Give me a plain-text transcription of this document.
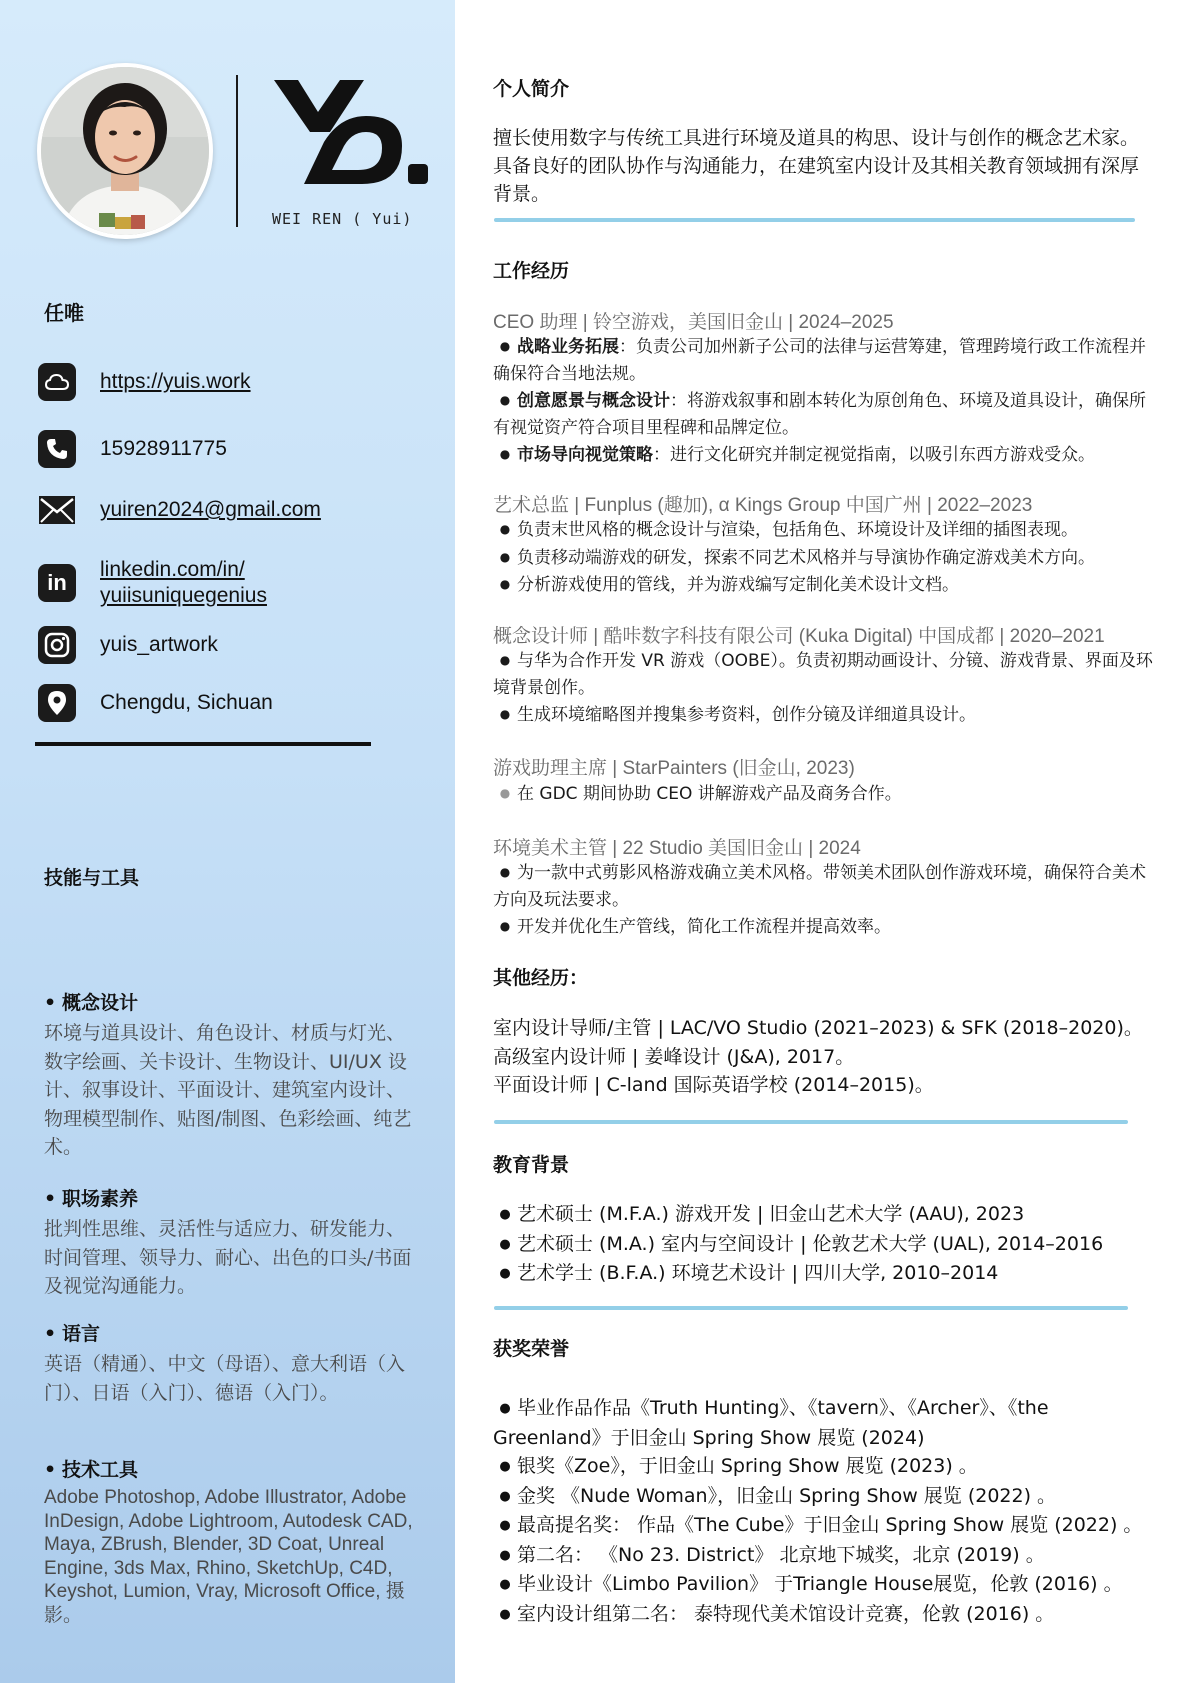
WEI REN ( Yui)
任唯
https://yuis.work
15928911775
yuiren2024@gmail.com
in
linkedin.com/in/
yuiisuniquegenius
yuis_artwork
Chengdu, Sichuan
技能与工具
• 概念设计
环境与道具设计、角色设计、材质与灯光、数字绘画、关卡设计、生物设计、UI/UX 设计、叙事设计、平面设计、建筑室内设计、物理模型制作、贴图/制图、色彩绘画、纯艺术。
• 职场素养
批判性思维、灵活性与适应力、研发能力、时间管理、领导力、耐心、出色的口头/书面及视觉沟通能力。
• 语言
英语（精通）、中文（母语）、意大利语（入门）、日语（入门）、德语（入门）。
• 技术工具
Adobe Photoshop, Adobe Illustrator, Adobe InDesign, Adobe Lightroom, Autodesk CAD, Maya, ZBrush, Blender, 3D Coat, Unreal Engine, 3ds Max, Rhino, SketchUp, C4D, Keyshot, Lumion, Vray, Microsoft Office, 摄影。
个人简介
擅长使用数字与传统工具进行环境及道具的构思、设计与创作的概念艺术家。具备良好的团队协作与沟通能力，在建筑室内设计及其相关教育领域拥有深厚背景。
工作经历
CEO 助理 | 铃空游戏，美国旧金山 | 2024–2025
● 战略业务拓展：负责公司加州新子公司的法律与运营筹建，管理跨境行政工作流程并确保符合当地法规。
● 创意愿景与概念设计：将游戏叙事和剧本转化为原创角色、环境及道具设计，确保所有视觉资产符合项目里程碑和品牌定位。
● 市场导向视觉策略：进行文化研究并制定视觉指南，以吸引东西方游戏受众。
艺术总监 | Funplus (趣加), α Kings Group 中国广州 | 2022–2023
● 负责末世风格的概念设计与渲染，包括角色、环境设计及详细的插图表现。
● 负责移动端游戏的研发，探索不同艺术风格并与导演协作确定游戏美术方向。
● 分析游戏使用的管线，并为游戏编写定制化美术设计文档。
概念设计师 | 酷咔数字科技有限公司 (Kuka Digital) 中国成都 | 2020–2021
● 与华为合作开发 VR 游戏（OOBE）。负责初期动画设计、分镜、游戏背景、界面及环境背景创作。
● 生成环境缩略图并搜集参考资料，创作分镜及详细道具设计。
游戏助理主席 | StarPainters (旧金山, 2023)
● 在 GDC 期间协助 CEO 讲解游戏产品及商务合作。
环境美术主管 | 22 Studio 美国旧金山 | 2024
● 为一款中式剪影风格游戏确立美术风格。带领美术团队创作游戏环境，确保符合美术方向及玩法要求。
● 开发并优化生产管线，简化工作流程并提高效率。
其他经历：
室内设计导师/主管 | LAC/VO Studio (2021–2023) & SFK (2018–2020)。
高级室内设计师 | 姜峰设计 (J&A), 2017。
平面设计师 | C-land 国际英语学校 (2014–2015)。
教育背景
● 艺术硕士 (M.F.A.) 游戏开发 | 旧金山艺术大学 (AAU), 2023
● 艺术硕士 (M.A.) 室内与空间设计 | 伦敦艺术大学 (UAL), 2014–2016
● 艺术学士 (B.F.A.) 环境艺术设计 | 四川大学, 2010–2014
获奖荣誉
● 毕业作品作品《Truth Hunting》、《tavern》、《Archer》、《the Greenland》于旧金山 Spring Show 展览 (2024)
● 银奖《Zoe》，于旧金山 Spring Show 展览 (2023) 。
● 金奖 《Nude Woman》，旧金山 Spring Show 展览 (2022) 。
● 最高提名奖： 作品《The Cube》于旧金山 Spring Show 展览 (2022) 。
● 第二名： 《No 23. District》 北京地下城奖，北京 (2019) 。
● 毕业设计《Limbo Pavilion》 于Triangle House展览，伦敦 (2016) 。
● 室内设计组第二名： 泰特现代美术馆设计竞赛，伦敦 (2016) 。
